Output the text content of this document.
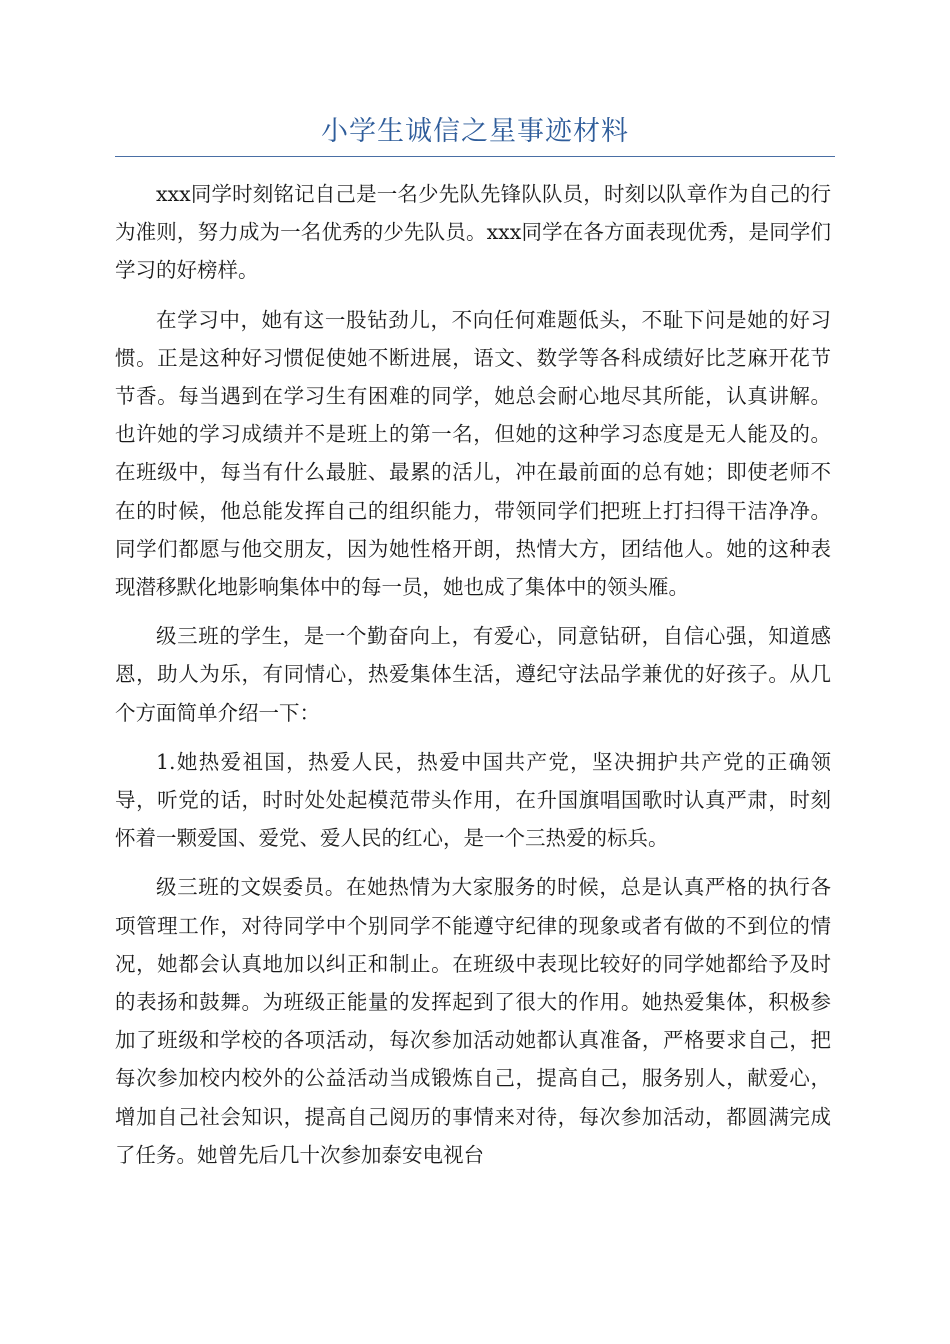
小学生诚信之星事迹材料

xxx同学时刻铭记自己是一名少先队先锋队队员，时刻以队章作为自己的行为准则，努力成为一名优秀的少先队员。xxx同学在各方面表现优秀，是同学们学习的好榜样。

在学习中，她有这一股钻劲儿，不向任何难题低头，不耻下问是她的好习惯。正是这种好习惯促使她不断进展，语文、数学等各科成绩好比芝麻开花节节香。每当遇到在学习生有困难的同学，她总会耐心地尽其所能，认真讲解。也许她的学习成绩并不是班上的第一名，但她的这种学习态度是无人能及的。在班级中，每当有什么最脏、最累的活儿，冲在最前面的总有她；即使老师不在的时候，他总能发挥自己的组织能力，带领同学们把班上打扫得干洁净净。同学们都愿与他交朋友，因为她性格开朗，热情大方，团结他人。她的这种表现潜移默化地影响集体中的每一员，她也成了集体中的领头雁。

级三班的学生，是一个勤奋向上，有爱心，同意钻研，自信心强，知道感恩，助人为乐，有同情心，热爱集体生活，遵纪守法品学兼优的好孩子。从几个方面简单介绍一下：

1.她热爱祖国，热爱人民，热爱中国共产党，坚决拥护共产党的正确领导，听党的话，时时处处起模范带头作用，在升国旗唱国歌时认真严肃，时刻怀着一颗爱国、爱党、爱人民的红心，是一个三热爱的标兵。

级三班的文娱委员。在她热情为大家服务的时候，总是认真严格的执行各项管理工作，对待同学中个别同学不能遵守纪律的现象或者有做的不到位的情况，她都会认真地加以纠正和制止。在班级中表现比较好的同学她都给予及时的表扬和鼓舞。为班级正能量的发挥起到了很大的作用。她热爱集体，积极参加了班级和学校的各项活动，每次参加活动她都认真准备，严格要求自己，把每次参加校内校外的公益活动当成锻炼自己，提高自己，服务别人，献爱心，增加自己社会知识，提高自己阅历的事情来对待，每次参加活动，都圆满完成了任务。她曾先后几十次参加泰安电视台
